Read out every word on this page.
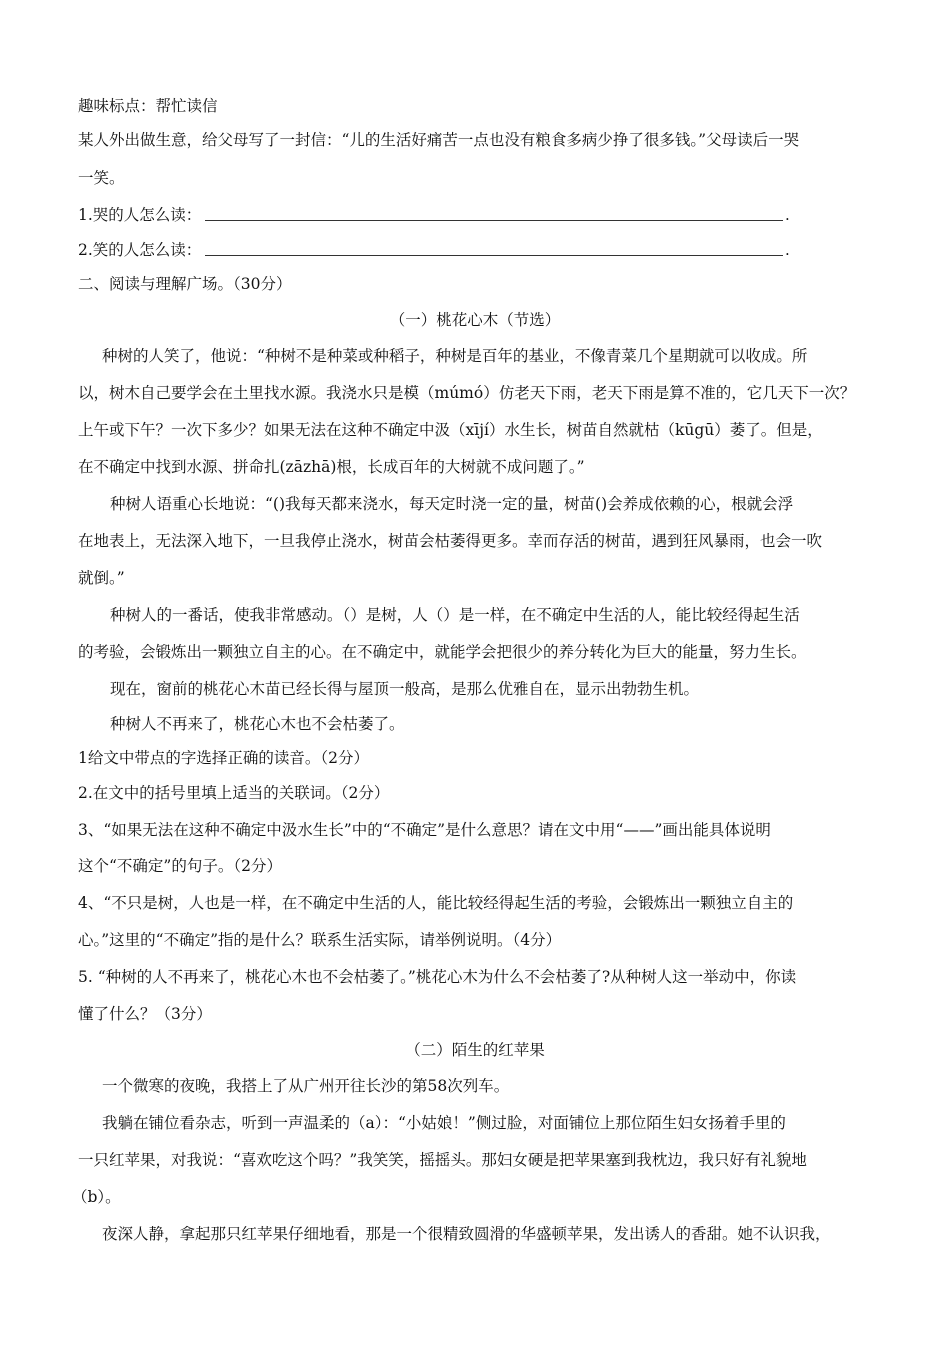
趣味标点：帮忙读信
某人外出做生意，给父母写了一封信：“儿的生活好痛苦一点也没有粮食多病少挣了很多钱。”父母读后一哭
一笑。
1.哭的人怎么读：	.
2.笑的人怎么读：	.
二、阅读与理解广场。（30分）
（一）桃花心木（节选）
种树的人笑了，他说：“种树不是种菜或种稻子，种树是百年的基业，不像青菜几个星期就可以收成。所
以，树木自己要学会在土里找水源。我浇水只是模（múmó）仿老天下雨，老天下雨是算不准的，它几天下一次？
上午或下午？一次下多少？如果无法在这种不确定中汲（xījí）水生长，树苗自然就枯（kūgū）萎了。但是，
在不确定中找到水源、拼命扎(zāzhā)根，长成百年的大树就不成问题了。”
种树人语重心长地说：“()我每天都来浇水，每天定时浇一定的量，树苗()会养成依赖的心，根就会浮
在地表上，无法深入地下，一旦我停止浇水，树苗会枯萎得更多。幸而存活的树苗，遇到狂风暴雨，也会一吹
就倒。”
种树人的一番话，使我非常感动。（）是树，人（）是一样，在不确定中生活的人，能比较经得起生活
的考验，会锻炼出一颗独立自主的心。在不确定中，就能学会把很少的养分转化为巨大的能量，努力生长。
现在，窗前的桃花心木苗已经长得与屋顶一般高，是那么优雅自在，显示出勃勃生机。
种树人不再来了，桃花心木也不会枯萎了。
1给文中带点的字选择正确的读音。（2分）
2.在文中的括号里填上适当的关联词。（2分）
3、“如果无法在这种不确定中汲水生长”中的“不确定”是什么意思？请在文中用“——”画出能具体说明
这个“不确定”的句子。（2分）
4、“不只是树，人也是一样，在不确定中生活的人，能比较经得起生活的考验，会锻炼出一颗独立自主的
心。”这里的“不确定”指的是什么？联系生活实际，请举例说明。（4分）
5. “种树的人不再来了，桃花心木也不会枯萎了。”桃花心木为什么不会枯萎了?从种树人这一举动中，你读
懂了什么？（3分）
（二）陌生的红苹果
一个微寒的夜晚，我搭上了从广州开往长沙的第58次列车。
我躺在铺位看杂志，听到一声温柔的（a）：“小姑娘！”侧过脸，对面铺位上那位陌生妇女扬着手里的
一只红苹果，对我说：“喜欢吃这个吗？”我笑笑，摇摇头。那妇女硬是把苹果塞到我枕边，我只好有礼貌地
（b）。
夜深人静，拿起那只红苹果仔细地看，那是一个很精致圆滑的华盛顿苹果，发出诱人的香甜。她不认识我，
